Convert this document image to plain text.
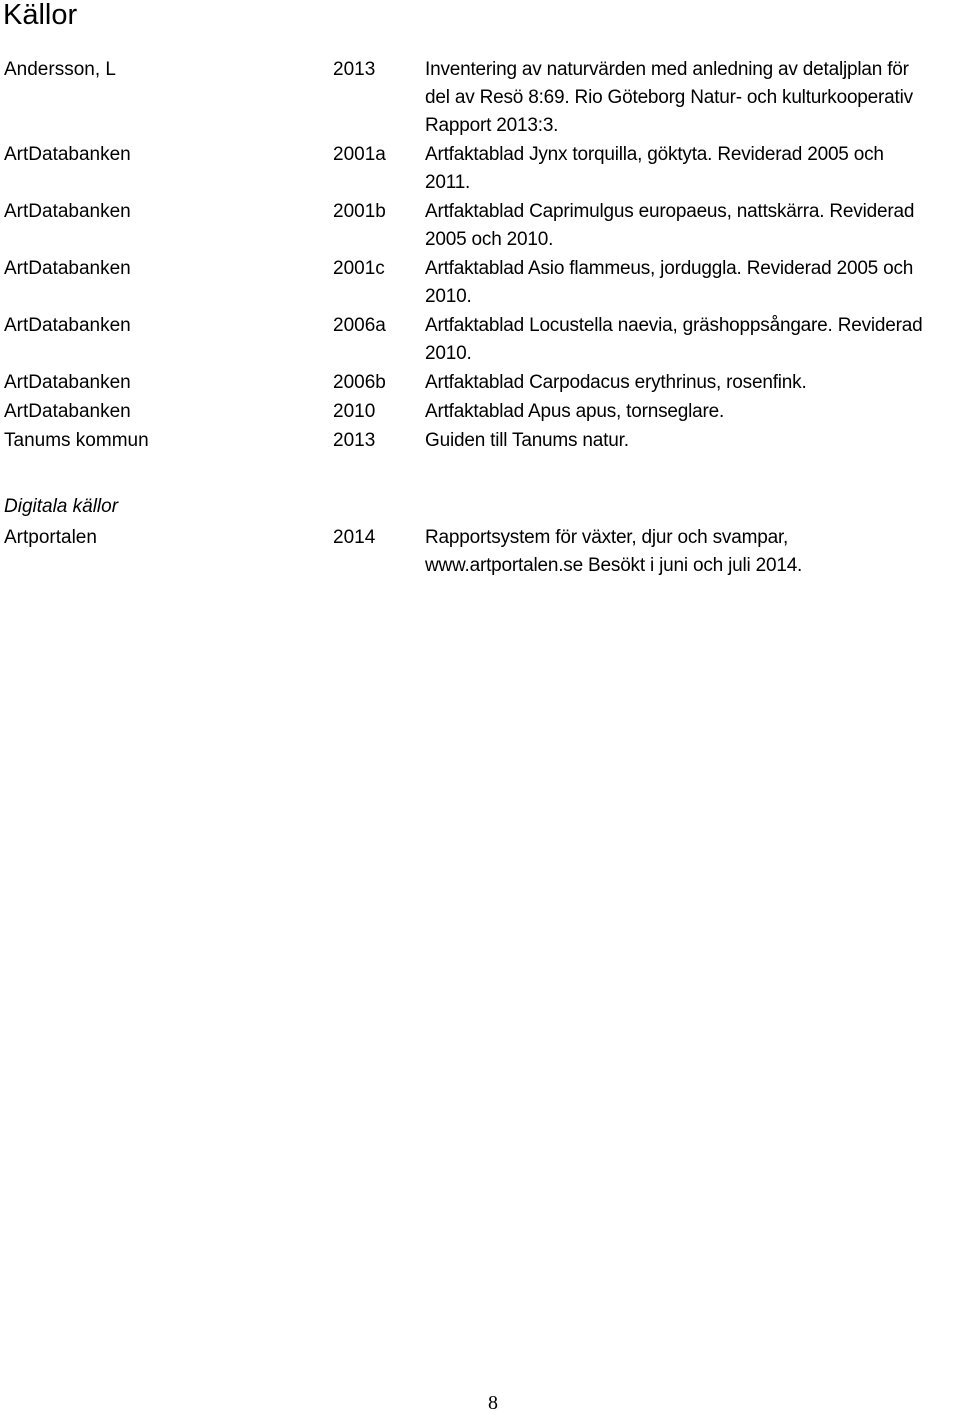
Källor
Andersson, L	2013	Inventering av naturvärden med anledning av detaljplan för
del av Resö 8:69. Rio Göteborg Natur- och kulturkooperativ
Rapport 2013:3.
ArtDatabanken	2001a	Artfaktablad Jynx torquilla, göktyta. Reviderad 2005 och
2011.
ArtDatabanken	2001b	Artfaktablad Caprimulgus europaeus, nattskärra. Reviderad
2005 och 2010.
ArtDatabanken	2001c	Artfaktablad Asio flammeus, jorduggla. Reviderad 2005 och
2010.
ArtDatabanken	2006a	Artfaktablad Locustella naevia, gräshoppsångare. Reviderad
2010.
ArtDatabanken	2006b	Artfaktablad Carpodacus erythrinus, rosenfink.
ArtDatabanken	2010	Artfaktablad Apus apus, tornseglare.
Tanums kommun	2013	Guiden till Tanums natur.
Digitala källor
Artportalen	2014	Rapportsystem för växter, djur och svampar,
www.artportalen.se Besökt i juni och juli 2014.
8
